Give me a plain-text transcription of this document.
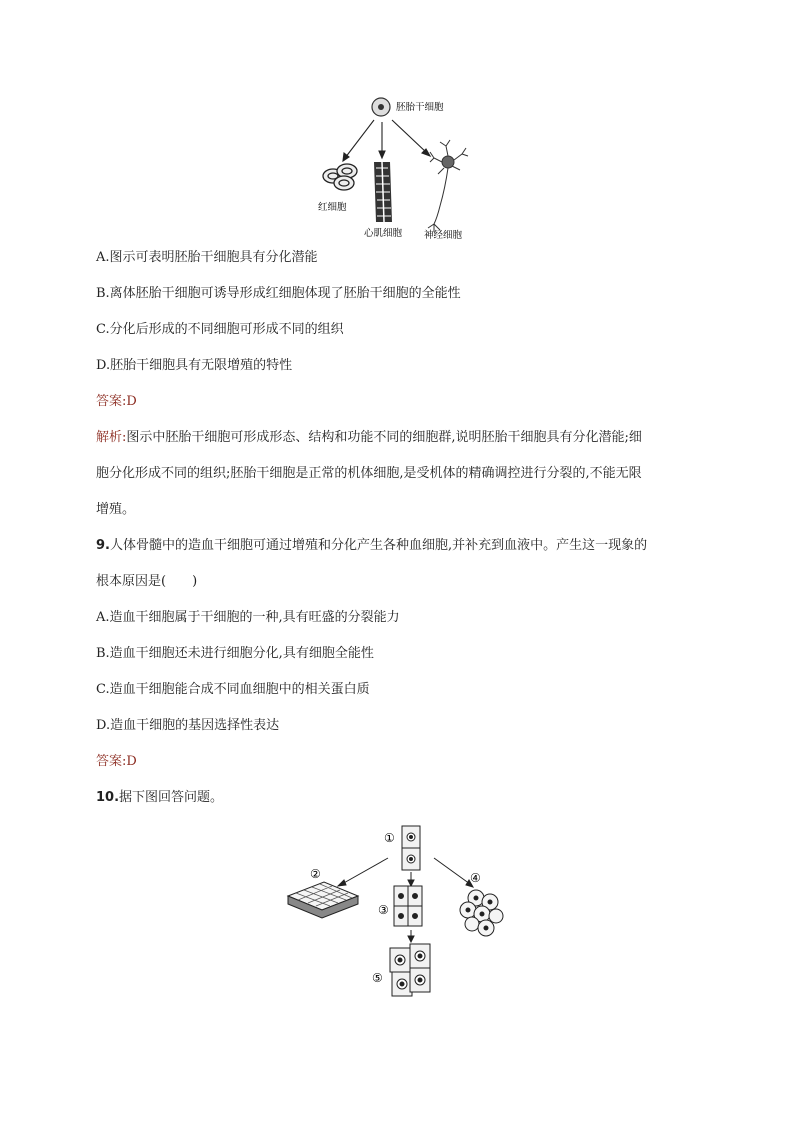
胚胎干细胞
红细胞
心肌细胞 神经细胞
A.图示可表明胚胎干细胞具有分化潜能
B.离体胚胎干细胞可诱导形成红细胞体现了胚胎干细胞的全能性
C.分化后形成的不同细胞可形成不同的组织
D.胚胎干细胞具有无限增殖的特性
答案:D
解析:图示中胚胎干细胞可形成形态、结构和功能不同的细胞群,说明胚胎干细胞具有分化潜能;细
胞分化形成不同的组织;胚胎干细胞是正常的机体细胞,是受机体的精确调控进行分裂的,不能无限
增殖。
9.人体骨髓中的造血干细胞可通过增殖和分化产生各种血细胞,并补充到血液中。产生这一现象的
根本原因是(　　)
A.造血干细胞属于干细胞的一种,具有旺盛的分裂能力
B.造血干细胞还未进行细胞分化,具有细胞全能性
C.造血干细胞能合成不同血细胞中的相关蛋白质
D.造血干细胞的基因选择性表达
答案:D
10.据下图回答问题。
①
②
③
④
⑤
